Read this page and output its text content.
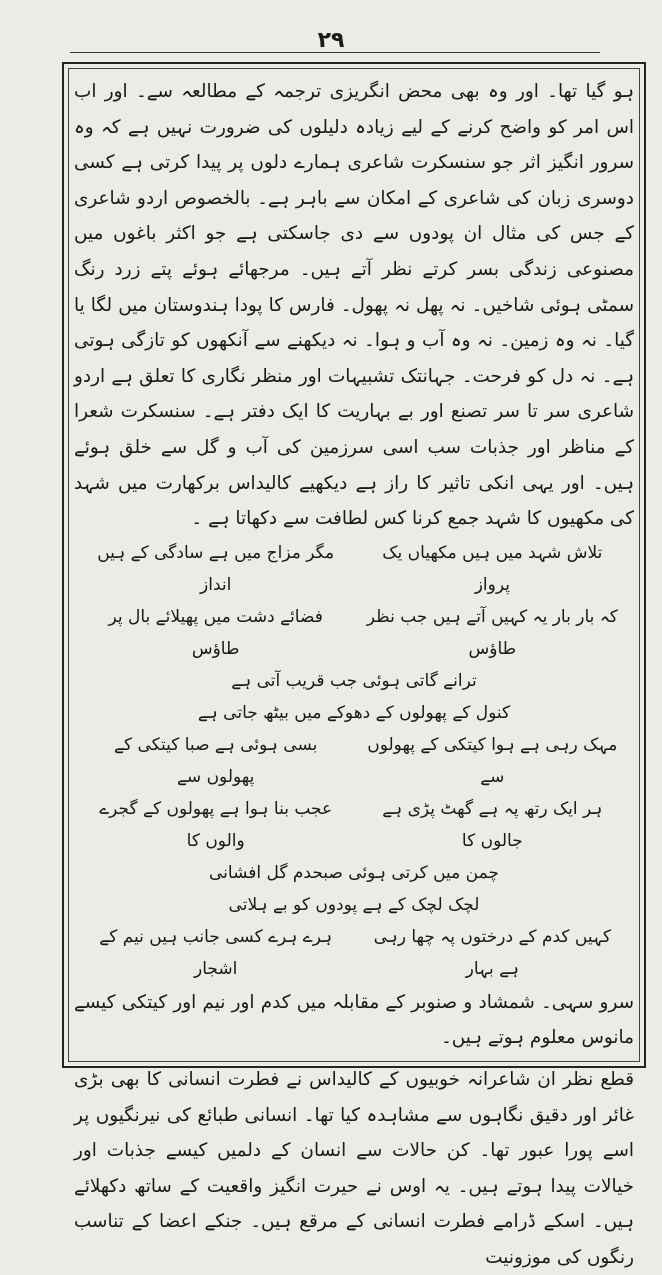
۲۹

ہو گیا تھا۔ اور وہ بھی محض انگریزی ترجمہ کے مطالعہ سے۔ اور اب اس امر کو واضح کرنے کے لیے زیادہ دلیلوں کی ضرورت نہیں ہے کہ وہ سرور انگیز اثر جو سنسکرت شاعری ہمارے دلوں پر پیدا کرتی ہے کسی دوسری زبان کی شاعری کے امکان سے باہر ہے۔ بالخصوص اردو شاعری کے جس کی مثال ان پودوں سے دی جاسکتی ہے جو اکثر باغوں میں مصنوعی زندگی بسر کرتے نظر آتے ہیں۔ مرجھائے ہوئے پتے زرد رنگ سمٹی ہوئی شاخیں۔ نہ پھل نہ پھول۔ فارس کا پودا ہندوستان میں لگا یا گیا۔ نہ وہ زمین۔ نہ وہ آب و ہوا۔ نہ دیکھنے سے آنکھوں کو تازگی ہوتی ہے۔ نہ دل کو فرحت۔ جہانتک تشبیہات اور منظر نگاری کا تعلق ہے اردو شاعری سر تا سر تصنع اور بے بہاریت کا ایک دفتر ہے۔ سنسکرت شعرا کے مناظر اور جذبات سب اسی سرزمین کی آب و گل سے خلق ہوئے ہیں۔ اور یہی انکی تاثیر کا راز ہے دیکھیے کالیداس برکھارت میں شہد کی مکھیوں کا شہد جمع کرنا کس لطافت سے دکھاتا ہے ۔

تلاش شہد میں ہیں مکھیاں یک پرواز
مگر مزاج میں ہے سادگی کے ہیں انداز
کہ بار بار یہ کہیں آتے ہیں جب نظر طاؤس
فضائے دشت میں پھیلائے بال پر طاؤس

ترانے گاتی ہوئی جب قریب آتی ہے

کنول کے پھولوں کے دھوکے میں بیٹھ جاتی ہے

مہک رہی ہے ہوا کیتکی کے پھولوں سے
بسی ہوئی ہے صبا کیتکی کے پھولوں سے
ہر ایک رتھ پہ ہے گھٹ پڑی ہے جالوں کا
عجب بنا ہوا ہے پھولوں کے گجرے والوں کا

چمن میں کرتی ہوئی صبحدم گل افشانی

لچک لچک کے ہے پودوں کو بے ہلاتی

کہیں کدم کے درختوں پہ چھا رہی ہے بہار
ہرے ہرے کسی جانب ہیں نیم کے اشجار

سرو سہی۔ شمشاد و صنوبر کے مقابلہ میں کدم اور نیم اور کیتکی کیسے مانوس معلوم ہوتے ہیں۔

قطع نظر ان شاعرانہ خوبیوں کے کالیداس نے فطرت انسانی کا بھی بڑی غائر اور دقیق نگاہوں سے مشاہدہ کیا تھا۔ انسانی طبائع کی نیرنگیوں پر اسے پورا عبور تھا۔ کن حالات سے انسان کے دلمیں کیسے جذبات اور خیالات پیدا ہوتے ہیں۔ یہ اوس نے حیرت انگیز واقعیت کے ساتھ دکھلائے ہیں۔ اسکے ڈرامے فطرت انسانی کے مرقع ہیں۔ جنکے اعضا کے تناسب رنگوں کی موزونیت
